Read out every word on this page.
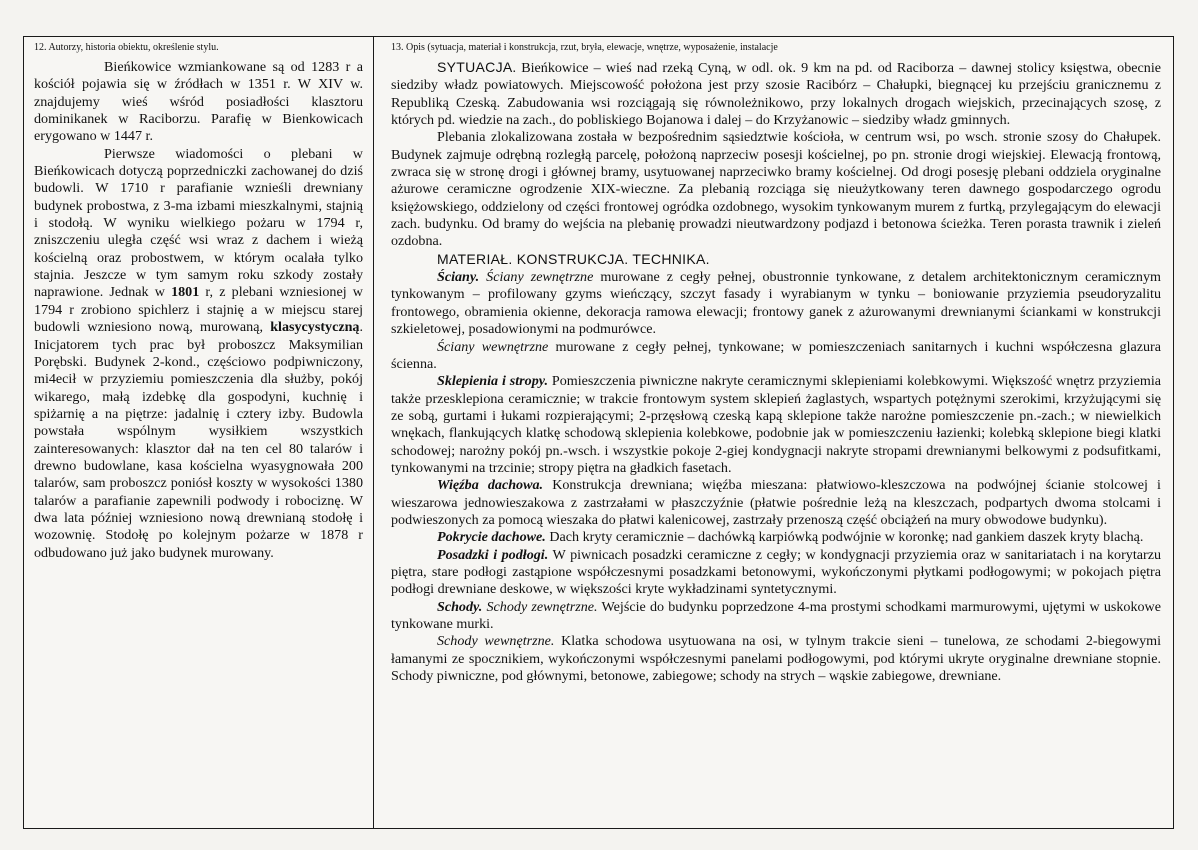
12. Autorzy, historia obiektu, określenie stylu.

Bieńkowice wzmiankowane są od 1283 r a kościół pojawia się w źródłach w 1351 r. W XIV w. znajdujemy wieś wśród posiadłości klasztoru dominikanek w Raciborzu. Parafię w Bienkowicach erygowano w 1447 r.

Pierwsze wiadomości o plebani w Bieńkowicach dotyczą poprzedniczki zachowanej do dziś budowli. W 1710 r parafianie wznieśli drewniany budynek probostwa, z 3-ma izbami mieszkalnymi, stajnią i stodołą. W wyniku wielkiego pożaru w 1794 r, zniszczeniu uległa część wsi wraz z dachem i wieżą kościelną oraz probostwem, w którym ocalała tylko stajnia. Jeszcze w tym samym roku szkody zostały naprawione. Jednak w 1801 r, z plebani wzniesionej w 1794 r zrobiono spichlerz i stajnię a w miejscu starej budowli wzniesiono nową, murowaną, klasycystyczną. Inicjatorem tych prac był proboszcz Maksymilian Porębski. Budynek 2-kond., częściowo podpiwniczony, mi4ecił w przyziemiu pomieszczenia dla służby, pokój wikarego, małą izdebkę dla gospodyni, kuchnię i spiżarnię a na piętrze: jadalnię i cztery izby. Budowla powstała wspólnym wysiłkiem wszystkich zainteresowanych: klasztor dał na ten cel 80 talarów i drewno budowlane, kasa kościelna wyasygnowała 200 talarów, sam proboszcz poniósł koszty w wysokości 1380 talarów a parafianie zapewnili podwody i robociznę. W dwa lata później wzniesiono nową drewnianą stodołę i wozownię. Stodołę po kolejnym pożarze w 1878 r odbudowano już jako budynek murowany.

13. Opis (sytuacja, materiał i konstrukcja, rzut, bryła, elewacje, wnętrze, wyposażenie, instalacje

SYTUACJA. Bieńkowice – wieś nad rzeką Cyną, w odl. ok. 9 km na pd. od Raciborza – dawnej stolicy księstwa, obecnie siedziby władz powiatowych. Miejscowość położona jest przy szosie Racibórz – Chałupki, biegnącej ku przejściu granicznemu z Republiką Czeską. Zabudowania wsi rozciągają się równoleżnikowo, przy lokalnych drogach wiejskich, przecinających szosę, z których pd. wiedzie na zach., do pobliskiego Bojanowa i dalej – do Krzyżanowic – siedziby władz gminnych.

Plebania zlokalizowana została w bezpośrednim sąsiedztwie kościoła, w centrum wsi, po wsch. stronie szosy do Chałupek. Budynek zajmuje odrębną rozległą parcelę, położoną naprzeciw posesji kościelnej, po pn. stronie drogi wiejskiej. Elewacją frontową, zwraca się w stronę drogi i głównej bramy, usytuowanej naprzeciwko bramy kościelnej. Od drogi posesję plebani oddziela oryginalne ażurowe ceramiczne ogrodzenie XIX-wieczne. Za plebanią rozciąga się nieużytkowany teren dawnego gospodarczego ogrodu księżowskiego, oddzielony od części frontowej ogródka ozdobnego, wysokim tynkowanym murem z furtką, przylegającym do elewacji zach. budynku. Od bramy do wejścia na plebanię prowadzi nieutwardzony podjazd i betonowa ścieżka. Teren porasta trawnik i zieleń ozdobna.

MATERIAŁ. KONSTRUKCJA. TECHNIKA.

Ściany. Ściany zewnętrzne murowane z cegły pełnej, obustronnie tynkowane, z detalem architektonicznym ceramicznym tynkowanym – profilowany gzyms wieńczący, szczyt fasady i wyrabianym w tynku – boniowanie przyziemia pseudoryzalitu frontowego, obramienia okienne, dekoracja ramowa elewacji; frontowy ganek z ażurowanymi drewnianymi ściankami w konstrukcji szkieletowej, posadowionymi na podmurówce.

Ściany wewnętrzne murowane z cegły pełnej, tynkowane; w pomieszczeniach sanitarnych i kuchni współczesna glazura ścienna.

Sklepienia i stropy. Pomieszczenia piwniczne nakryte ceramicznymi sklepieniami kolebkowymi. Większość wnętrz przyziemia także przesklepiona ceramicznie; w trakcie frontowym system sklepień żaglastych, wspartych potężnymi szerokimi, krzyżującymi się ze sobą, gurtami i łukami rozpierającymi; 2-przęsłową czeską kapą sklepione także narożne pomieszczenie pn.-zach.; w niewielkich wnękach, flankujących klatkę schodową sklepienia kolebkowe, podobnie jak w pomieszczeniu łazienki; kolebką sklepione biegi klatki schodowej; narożny pokój pn.-wsch. i wszystkie pokoje 2-giej kondygnacji nakryte stropami drewnianymi belkowymi z podsufitkami, tynkowanymi na trzcinie; stropy piętra na gładkich fasetach.

Więźba dachowa. Konstrukcja drewniana; więźba mieszana: płatwiowo-kleszczowa na podwójnej ścianie stolcowej i wieszarowa jednowieszakowa z zastrzałami w płaszczyźnie (płatwie pośrednie leżą na kleszczach, podpartych dwoma stolcami i podwieszonych za pomocą wieszaka do płatwi kalenicowej, zastrzały przenoszą część obciążeń na mury obwodowe budynku).

Pokrycie dachowe. Dach kryty ceramicznie – dachówką karpiówką podwójnie w koronkę; nad gankiem daszek kryty blachą.

Posadzki i podłogi. W piwnicach posadzki ceramiczne z cegły; w kondygnacji przyziemia oraz w sanitariatach i na korytarzu piętra, stare podłogi zastąpione współczesnymi posadzkami betonowymi, wykończonymi płytkami podłogowymi; w pokojach piętra podłogi drewniane deskowe, w większości kryte wykładzinami syntetycznymi.

Schody. Schody zewnętrzne. Wejście do budynku poprzedzone 4-ma prostymi schodkami marmurowymi, ujętymi w uskokowe tynkowane murki.

Schody wewnętrzne. Klatka schodowa usytuowana na osi, w tylnym trakcie sieni – tunelowa, ze schodami 2-biegowymi łamanymi ze spocznikiem, wykończonymi współczesnymi panelami podłogowymi, pod którymi ukryte oryginalne drewniane stopnie. Schody piwniczne, pod głównymi, betonowe, zabiegowe; schody na strych – wąskie zabiegowe, drewniane.
